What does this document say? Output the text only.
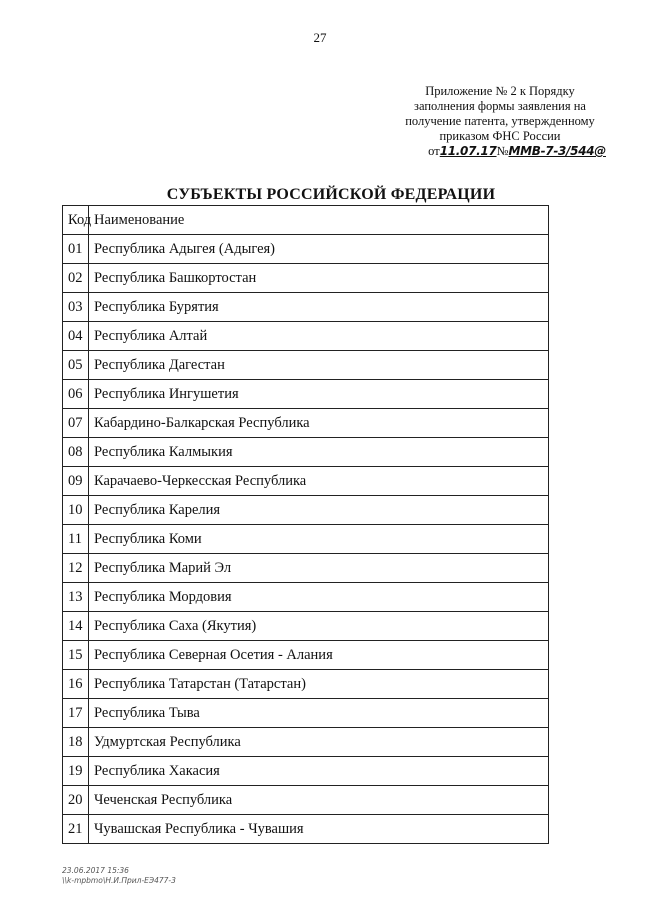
27
Приложение № 2 к Порядку
заполнения формы заявления на
получение патента, утвержденному
приказом ФНС России
от11.07.17№ММВ-7-3/544@
СУБЪЕКТЫ РОССИЙСКОЙ ФЕДЕРАЦИИ
Код	Наименование
01	Республика Адыгея (Адыгея)
02	Республика Башкортостан
03	Республика Бурятия
04	Республика Алтай
05	Республика Дагестан
06	Республика Ингушетия
07	Кабардино-Балкарская Республика
08	Республика Калмыкия
09	Карачаево-Черкесская Республика
10	Республика Карелия
11	Республика Коми
12	Республика Марий Эл
13	Республика Мордовия
14	Республика Саха (Якутия)
15	Республика Северная Осетия - Алания
16	Республика Татарстан (Татарстан)
17	Республика Тыва
18	Удмуртская Республика
19	Республика Хакасия
20	Чеченская Республика
21	Чувашская Республика - Чувашия
23.06.2017 15:36
\\k-mpbmo\Н.И.Прил-ЕЭ477-3
